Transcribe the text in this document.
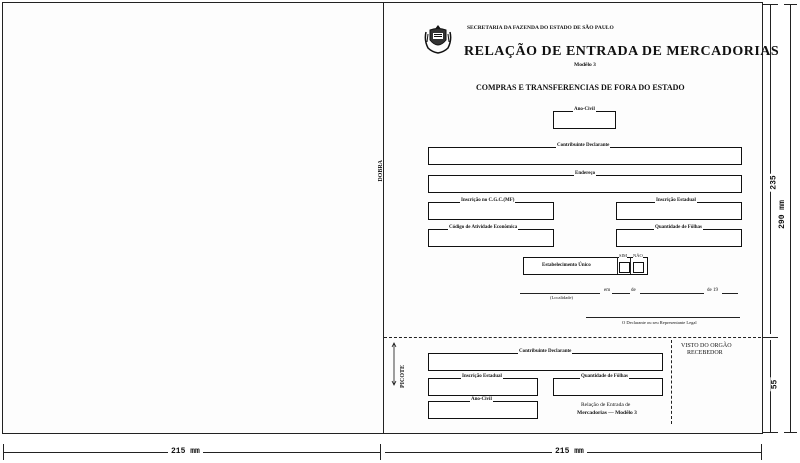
SECRETARIA DA FAZENDA DO ESTADO DE SÃO PAULO
RELAÇÃO DE ENTRADA DE MERCADORIAS
Modêlo 3
COMPRAS E TRANSFERENCIAS DE FORA DO ESTADO
Ano-Civil
DOBRA
Contribuinte Declarante
Endereço
Inscrição no C.G.C.(MF)	Inscrição Estadual
Código de Atividade Econômica	Quantidade de Fôlhas
Estabelecimento Único
SIM NÃO
em	de	de 19
(Localidade)
O Declarante ou seu Representante Legal
PICOTE
Contribuinte Declarante
Inscrição Estadual	Quantidade de Fôlhas
Ano-Civil
Relação de Entrada de
Mercadorias — Modêlo 3
VISTO DO ORGÃO
RECEBEDOR
215 mm	215 mm
235
55
290 mm
